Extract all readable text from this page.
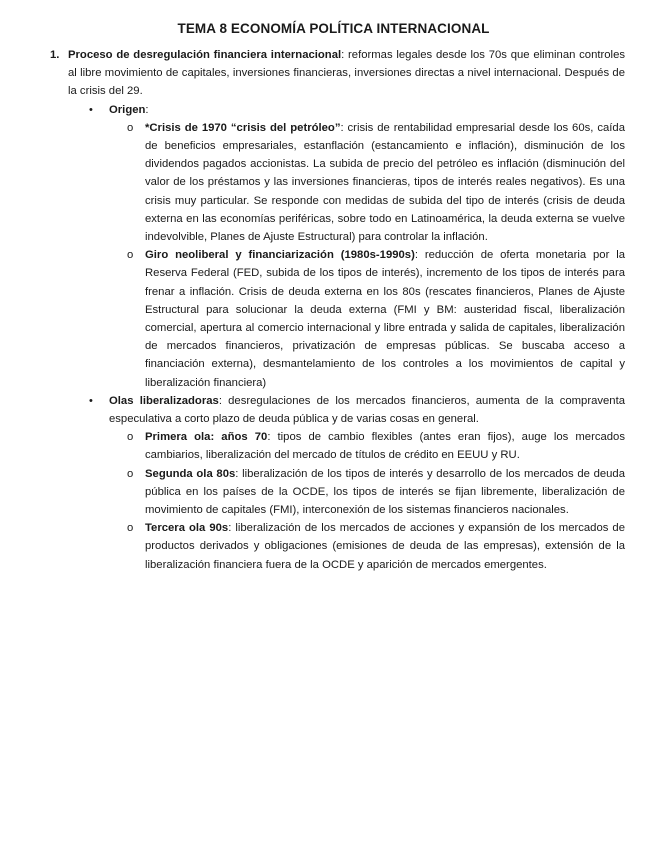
TEMA 8 ECONOMÍA POLÍTICA INTERNACIONAL
1. Proceso de desregulación financiera internacional: reformas legales desde los 70s que eliminan controles al libre movimiento de capitales, inversiones financieras, inversiones directas a nivel internacional. Después de la crisis del 29.
•	Origen:
o	*Crisis de 1970 “crisis del petróleo”: crisis de rentabilidad empresarial desde los 60s, caída de beneficios empresariales, estanflación (estancamiento e inflación), disminución de los dividendos pagados accionistas. La subida de precio del petróleo es inflación (disminución del valor de los préstamos y las inversiones financieras, tipos de interés reales negativos). Es una crisis muy particular. Se responde con medidas de subida del tipo de interés (crisis de deuda externa en las economías periféricas, sobre todo en Latinoamérica, la deuda externa se vuelve indevolvible, Planes de Ajuste Estructural) para controlar la inflación.
o	Giro neoliberal y financiarización (1980s-1990s): reducción de oferta monetaria por la Reserva Federal (FED, subida de los tipos de interés), incremento de los tipos de interés para frenar a inflación. Crisis de deuda externa en los 80s (rescates financieros, Planes de Ajuste Estructural para solucionar la deuda externa (FMI y BM: austeridad fiscal, liberalización comercial, apertura al comercio internacional y libre entrada y salida de capitales, liberalización de mercados financieros, privatización de empresas públicas. Se buscaba acceso a financiación externa), desmantelamiento de los controles a los movimientos de capital y liberalización financiera)
•	Olas liberalizadoras: desregulaciones de los mercados financieros, aumenta de la compraventa especulativa a corto plazo de deuda pública y de varias cosas en general.
o	Primera ola: años 70: tipos de cambio flexibles (antes eran fijos), auge los mercados cambiarios, liberalización del mercado de títulos de crédito en EEUU y RU.
o	Segunda ola 80s: liberalización de los tipos de interés y desarrollo de los mercados de deuda pública en los países de la OCDE, los tipos de interés se fijan libremente, liberalización de movimiento de capitales (FMI), interconexión de los sistemas financieros nacionales.
o	Tercera ola 90s: liberalización de los mercados de acciones y expansión de los mercados de productos derivados y obligaciones (emisiones de deuda de las empresas), extensión de la liberalización financiera fuera de la OCDE y aparición de mercados emergentes.
